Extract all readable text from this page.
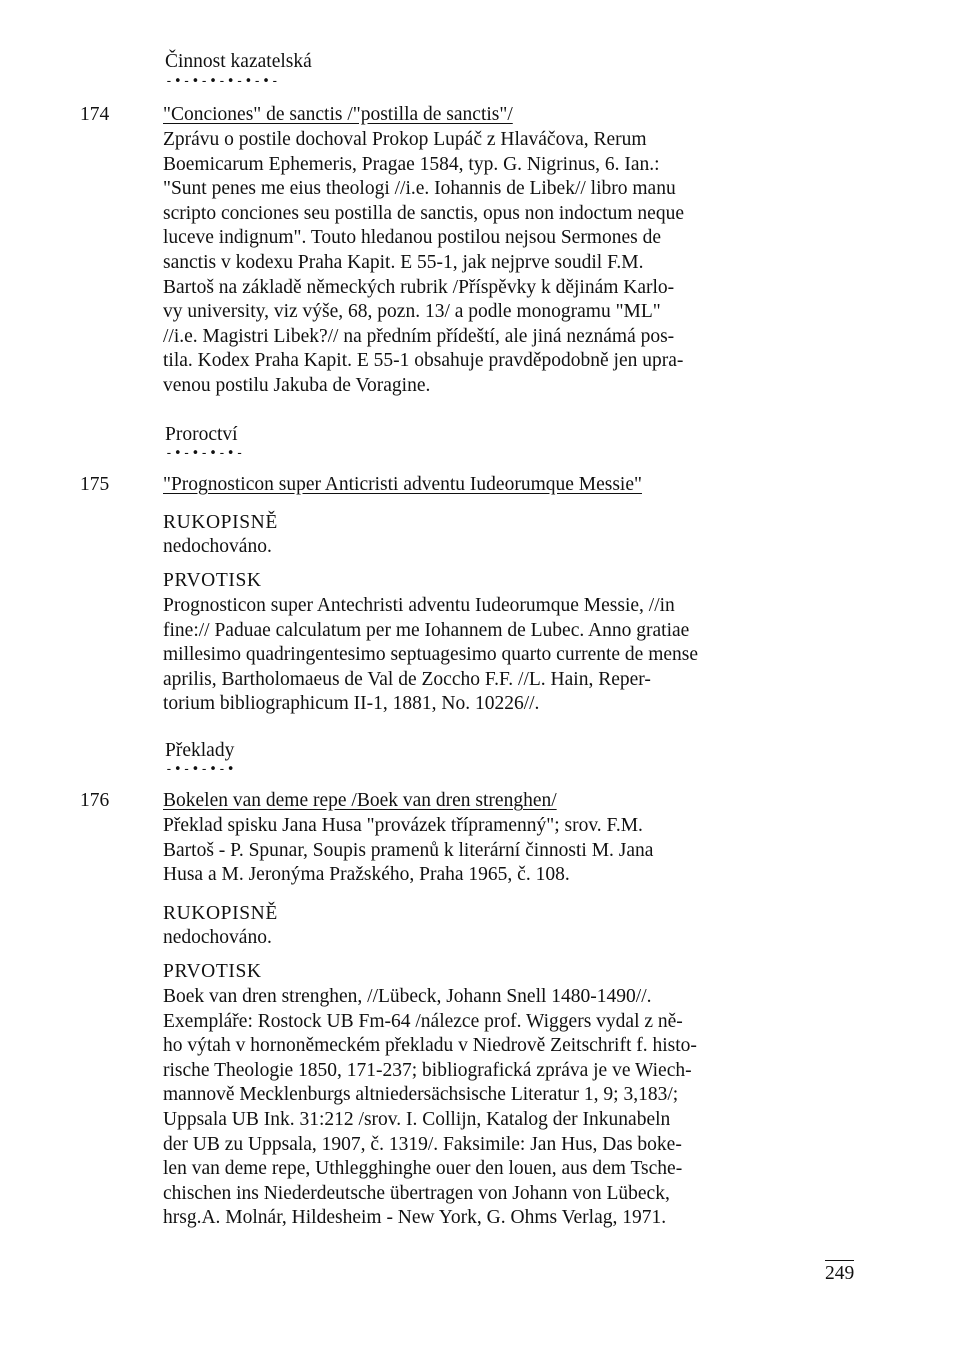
Činnost kazatelská
-•-•-•-•-•-•-
174	"Conciones" de sanctis /"postilla de sanctis"/

Zprávu o postile dochoval Prokop Lupáč z Hlaváčova, Rerum

Boemicarum Ephemeris, Pragae 1584, typ. G. Nigrinus, 6. Ian.:

"Sunt penes me eius theologi //i.e. Iohannis de Libek// libro manu

scripto conciones seu postilla de sanctis, opus non indoctum neque

luceve indignum". Touto hledanou postilou nejsou Sermones de

sanctis v kodexu Praha Kapit. E 55-1, jak nejprve soudil F.M.

Bartoš na základě německých rubrik /Příspěvky k dějinám Karlo-

vy university, viz výše, 68, pozn. 13/ a podle monogramu "ML"

//i.e. Magistri Libek?// na předním přídeští, ale jiná neznámá pos-

tila. Kodex Praha Kapit. E 55-1 obsahuje pravděpodobně jen upra-

venou postilu Jakuba de Voragine.

Proroctví
-•-•-•-•-
175	"Prognosticon super Anticristi adventu Iudeorumque Messie"
RUKOPISNĚ
nedochováno.
PRVOTISK

Prognosticon super Antechristi adventu Iudeorumque Messie, //in

fine:// Paduae calculatum per me Iohannem de Lubec. Anno gratiae

millesimo quadringentesimo septuagesimo quarto currente de mense

aprilis, Bartholomaeus de Val de Zoccho F.F. //L. Hain, Reper-

torium bibliographicum II-1, 1881, No. 10226//.

Překlady
-•-•-•-•
176	Bokelen van deme repe /Boek van dren strenghen/

Překlad spisku Jana Husa "provázek třípramenný"; srov. F.M.

Bartoš - P. Spunar, Soupis pramenů k literární činnosti M. Jana

Husa a M. Jeronýma Pražského, Praha 1965, č. 108.

RUKOPISNĚ
nedochováno.
PRVOTISK

Boek van dren strenghen, //Lübeck, Johann Snell 1480-1490//.

Exempláře: Rostock UB Fm-64 /nálezce prof. Wiggers vydal z ně-

ho výtah v hornoněmeckém překladu v Niedrově Zeitschrift f. histo-

rische Theologie 1850, 171-237; bibliografická zpráva je ve Wiech-

mannově Mecklenburgs altniedersächsische Literatur 1, 9; 3,183/;

Uppsala UB Ink. 31:212 /srov. I. Collijn, Katalog der Inkunabeln

der UB zu Uppsala, 1907, č. 1319/. Faksimile: Jan Hus, Das boke-

len van deme repe, Uthlegghinghe ouer den louen, aus dem Tsche-

chischen ins Niederdeutsche übertragen von Johann von Lübeck,

hrsg.A. Molnár, Hildesheim - New York, G. Ohms Verlag, 1971.

249
